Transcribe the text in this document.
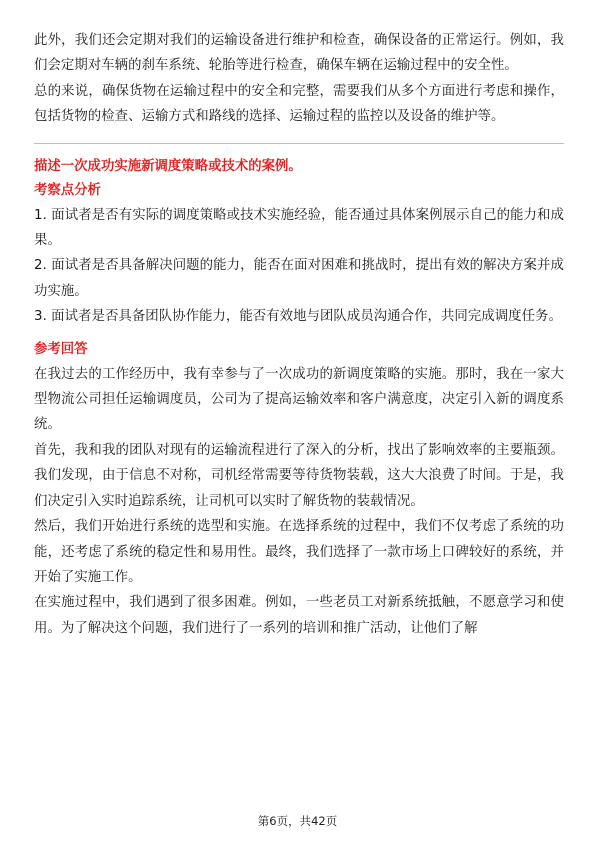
此外，我们还会定期对我们的运输设备进行维护和检查，确保设备的正常运行。例如，我们会定期对车辆的刹车系统、轮胎等进行检查，确保车辆在运输过程中的安全性。

总的来说，确保货物在运输过程中的安全和完整，需要我们从多个方面进行考虑和操作，包括货物的检查、运输方式和路线的选择、运输过程的监控以及设备的维护等。

描述一次成功实施新调度策略或技术的案例。
考察点分析

1. 面试者是否有实际的调度策略或技术实施经验，能否通过具体案例展示自己的能力和成果。

2. 面试者是否具备解决问题的能力，能否在面对困难和挑战时，提出有效的解决方案并成功实施。

3. 面试者是否具备团队协作能力，能否有效地与团队成员沟通合作，共同完成调度任务。

参考回答

在我过去的工作经历中，我有幸参与了一次成功的新调度策略的实施。那时，我在一家大型物流公司担任运输调度员，公司为了提高运输效率和客户满意度，决定引入新的调度系统。

首先，我和我的团队对现有的运输流程进行了深入的分析，找出了影响效率的主要瓶颈。我们发现，由于信息不对称，司机经常需要等待货物装载，这大大浪费了时间。于是，我们决定引入实时追踪系统，让司机可以实时了解货物的装载情况。

然后，我们开始进行系统的选型和实施。在选择系统的过程中，我们不仅考虑了系统的功能，还考虑了系统的稳定性和易用性。最终，我们选择了一款市场上口碑较好的系统，并开始了实施工作。

在实施过程中，我们遇到了很多困难。例如，一些老员工对新系统抵触，不愿意学习和使用。为了解决这个问题，我们进行了一系列的培训和推广活动，让他们了解

第6页，共42页
